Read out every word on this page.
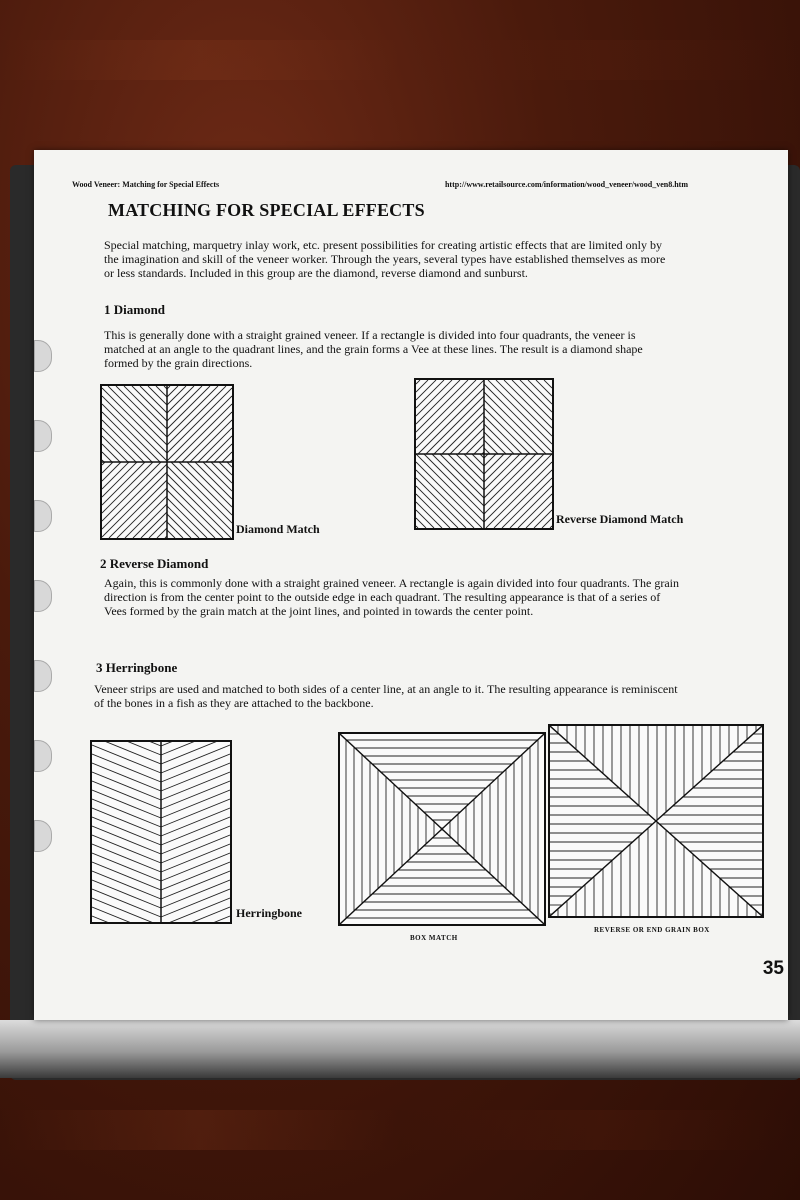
Wood Veneer: Matching for Special Effects	http://www.retailsource.com/information/wood_veneer/wood_ven8.htm
MATCHING FOR SPECIAL EFFECTS

Special matching, marquetry inlay work, etc. present possibilities for creating artistic effects that are limited only by the imagination and skill of the veneer worker. Through the years, several types have established themselves as more or less standards. Included in this group are the diamond, reverse diamond and sunburst.

1 Diamond

This is generally done with a straight grained veneer. If a rectangle is divided into four quadrants, the veneer is matched at an angle to the quadrant lines, and the grain forms a Vee at these lines. The result is a diamond shape formed by the grain directions.

Diamond Match
Reverse Diamond Match
2 Reverse Diamond

Again, this is commonly done with a straight grained veneer. A rectangle is again divided into four quadrants. The grain direction is from the center point to the outside edge in each quadrant. The resulting appearance is that of a series of Vees formed by the grain match at the joint lines, and pointed in towards the center point.

3 Herringbone

Veneer strips are used and matched to both sides of a center line, at an angle to it. The resulting appearance is reminiscent of the bones in a fish as they are attached to the backbone.

Herringbone
BOX MATCH
REVERSE OR END GRAIN BOX
35
